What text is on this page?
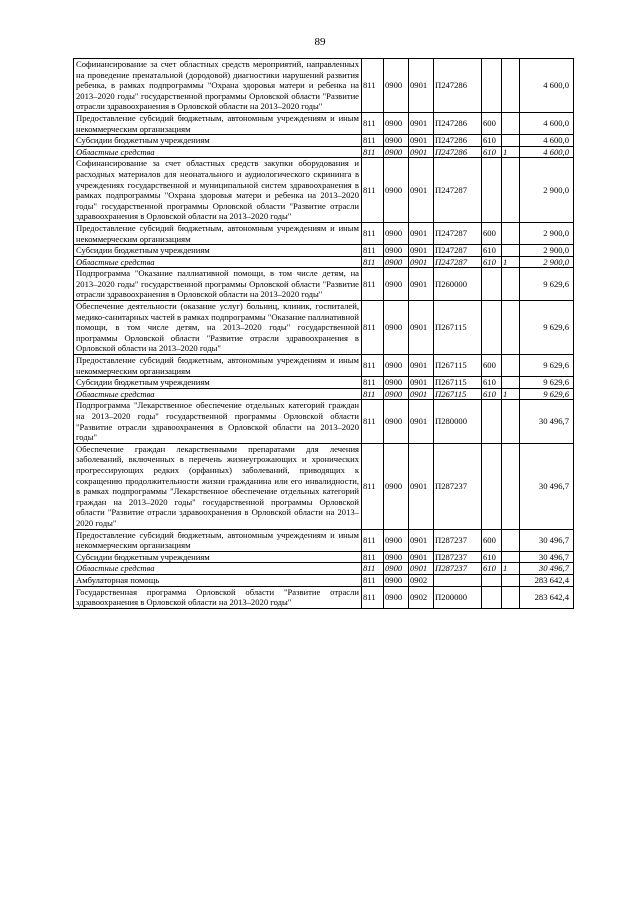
89
Софинансирование за счет областных средств мероприятий, направленных на проведение пренатальной (дородовой) диагностики нарушений развития ребенка, в рамках подпрограммы "Охрана здоровья матери и ребенка на 2013–2020 годы" государственной программы Орловской области "Развитие отрасли здравоохранения в Орловской области на 2013–2020 годы"	811	0900	0901	П247286			4 600,0
Предоставление субсидий бюджетным, автономным учреждениям и иным некоммерческим организациям	811	0900	0901	П247286	600		4 600,0
Субсидии бюджетным учреждениям	811	0900	0901	П247286	610		4 600,0
Областные средства	811	0900	0901	П247286	610	1	4 600,0
Софинансирование за счет областных средств закупки оборудования и расходных материалов для неонатального и аудиологического скрининга в учреждениях государственной и муниципальной систем здравоохранения в рамках подпрограммы "Охрана здоровья матери и ребенка на 2013–2020 годы" государственной программы Орловской области "Развитие отрасли здравоохранения в Орловской области на 2013–2020 годы"	811	0900	0901	П247287			2 900,0
Предоставление субсидий бюджетным, автономным учреждениям и иным некоммерческим организациям	811	0900	0901	П247287	600		2 900,0
Субсидии бюджетным учреждениям	811	0900	0901	П247287	610		2 900,0
Областные средства	811	0900	0901	П247287	610	1	2 900,0
Подпрограмма "Оказание паллиативной помощи, в том числе детям, на 2013–2020 годы" государственной программы Орловской области "Развитие отрасли здравоохранения в Орловской области на 2013–2020 годы"	811	0900	0901	П260000			9 629,6
Обеспечение деятельности (оказание услуг) больниц, клиник, госпиталей, медико-санитарных частей в рамках подпрограммы "Оказание паллиативной помощи, в том числе детям, на 2013–2020 годы" государственной программы Орловской области "Развитие отрасли здравоохранения в Орловской области на 2013–2020 годы"	811	0900	0901	П267115			9 629,6
Предоставление субсидий бюджетным, автономным учреждениям и иным некоммерческим организациям	811	0900	0901	П267115	600		9 629,6
Субсидии бюджетным учреждениям	811	0900	0901	П267115	610		9 629,6
Областные средства	811	0900	0901	П267115	610	1	9 629,6
Подпрограмма "Лекарственное обеспечение отдельных категорий граждан на 2013–2020 годы" государственной программы Орловской области "Развитие отрасли здравоохранения в Орловской области на 2013–2020 годы"	811	0900	0901	П280000			30 496,7
Обеспечение граждан лекарственными препаратами для лечения заболеваний, включенных в перечень жизнеугрожающих и хронических прогрессирующих редких (орфанных) заболеваний, приводящих к сокращению продолжительности жизни гражданина или его инвалидности, в рамках подпрограммы "Лекарственное обеспечение отдельных категорий граждан на 2013–2020 годы" государственной программы Орловской области "Развитие отрасли здравоохранения в Орловской области на 2013–2020 годы"	811	0900	0901	П287237			30 496,7
Предоставление субсидий бюджетным, автономным учреждениям и иным некоммерческим организациям	811	0900	0901	П287237	600		30 496,7
Субсидии бюджетным учреждениям	811	0900	0901	П287237	610		30 496,7
Областные средства	811	0900	0901	П287237	610	1	30 496,7
Амбулаторная помощь	811	0900	0902				283 642,4
Государственная программа Орловской области "Развитие отрасли здравоохранения в Орловской области на 2013–2020 годы"	811	0900	0902	П200000			283 642,4
